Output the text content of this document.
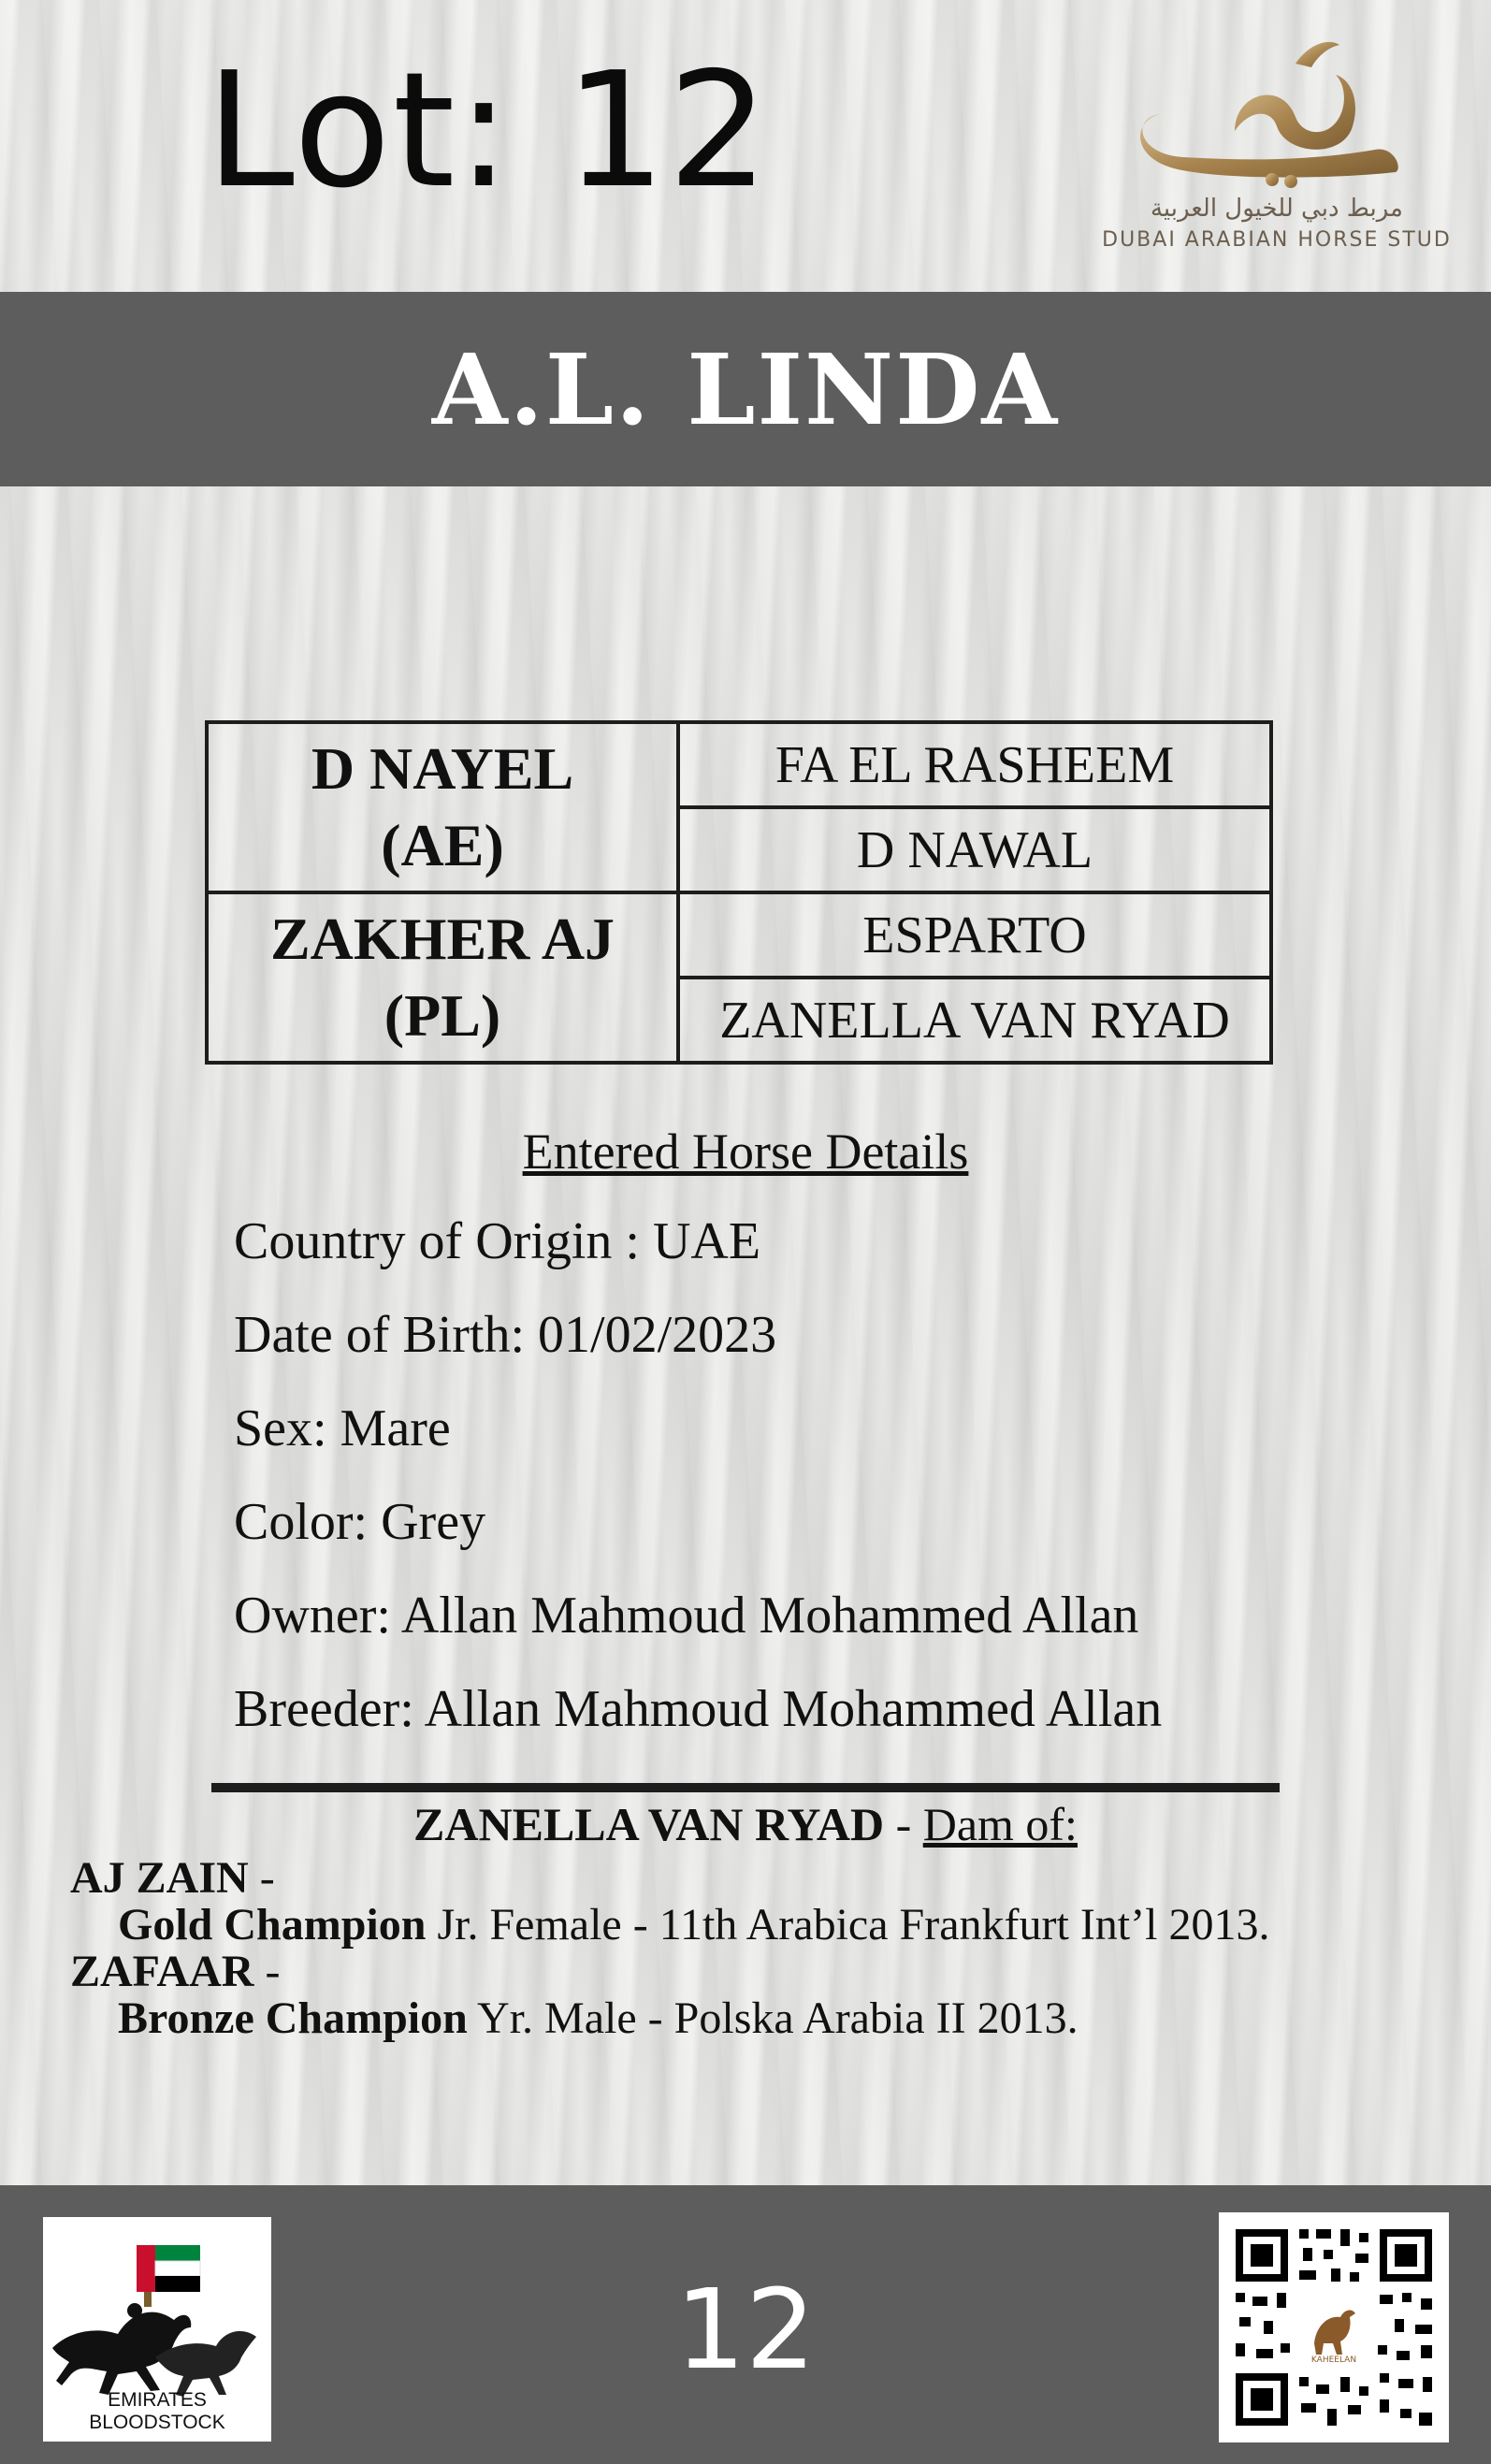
Lot: 12	مربط دبي للخيول العربية
DUBAI ARABIAN HORSE STUD
A.L. LINDA
D NAYEL
(AE)	FA EL RASHEEM
	D NAWAL

ZAKHER AJ
(PL)	ESPARTO
	ZANELLA VAN RYAD
Entered Horse Details
Country of Origin : UAE
Date of Birth: 01/02/2023
Sex: Mare
Color: Grey
Owner: Allan Mahmoud Mohammed Allan
Breeder: Allan Mahmoud Mohammed Allan
ZANELLA VAN RYAD - Dam of:
AJ ZAIN -
Gold Champion Jr. Female - 11th Arabica Frankfurt Int’l 2013.
ZAFAAR -
Bronze Champion Yr. Male - Polska Arabia II 2013.
12
EMIRATES BLOODSTOCK
KAHEELAN
